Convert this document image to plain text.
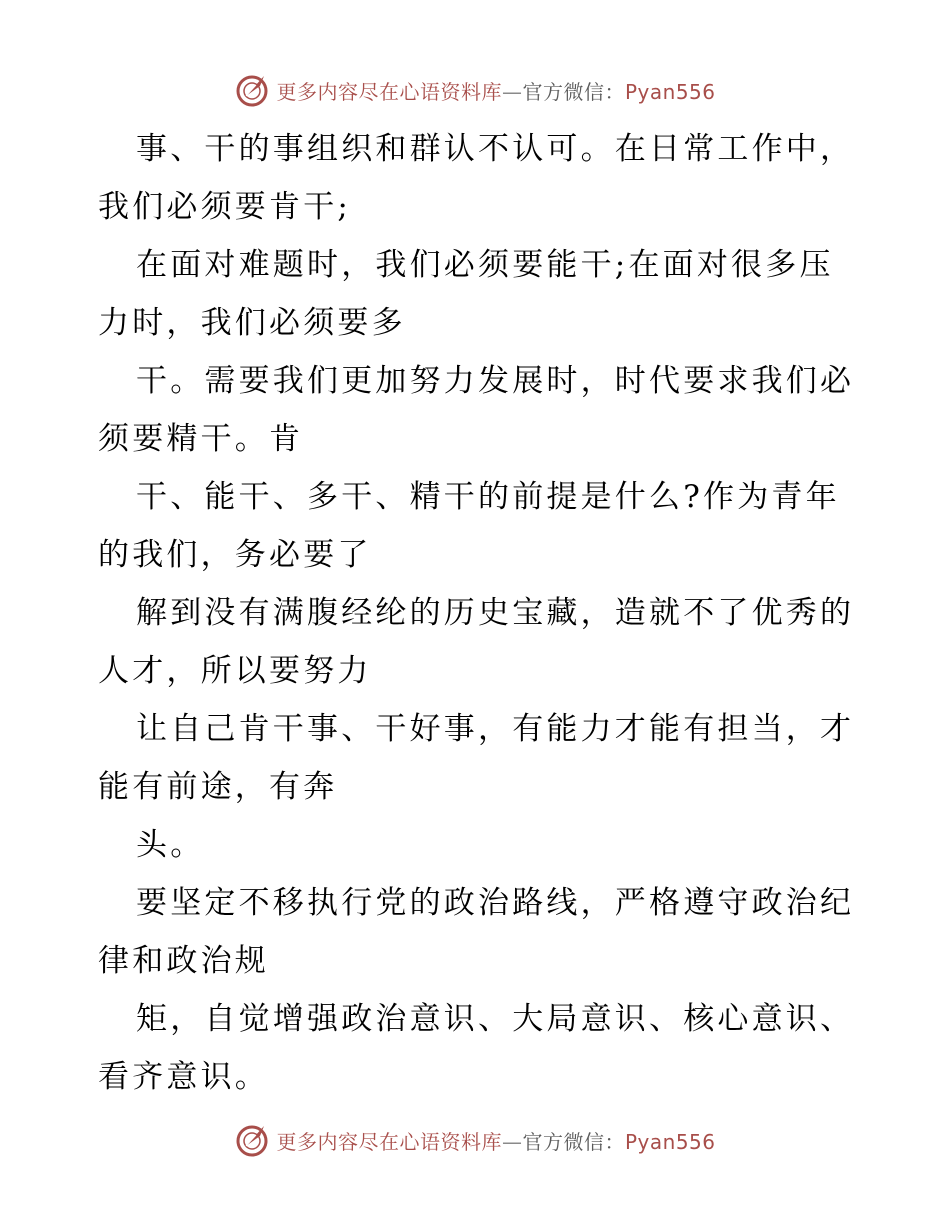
更多内容尽在心语资料库—官方微信：Pyan556

事、干的事组织和群认不认可。在日常工作中，我们必须要肯干;

在面对难题时，我们必须要能干;在面对很多压力时，我们必须要多

干。需要我们更加努力发展时，时代要求我们必须要精干。肯

干、能干、多干、精干的前提是什么?作为青年的我们，务必要了

解到没有满腹经纶的历史宝藏，造就不了优秀的人才，所以要努力

让自己肯干事、干好事，有能力才能有担当，才能有前途，有奔

头。

要坚定不移执行党的政治路线，严格遵守政治纪律和政治规

矩，自觉增强政治意识、大局意识、核心意识、看齐意识。

更多内容尽在心语资料库—官方微信：Pyan556
